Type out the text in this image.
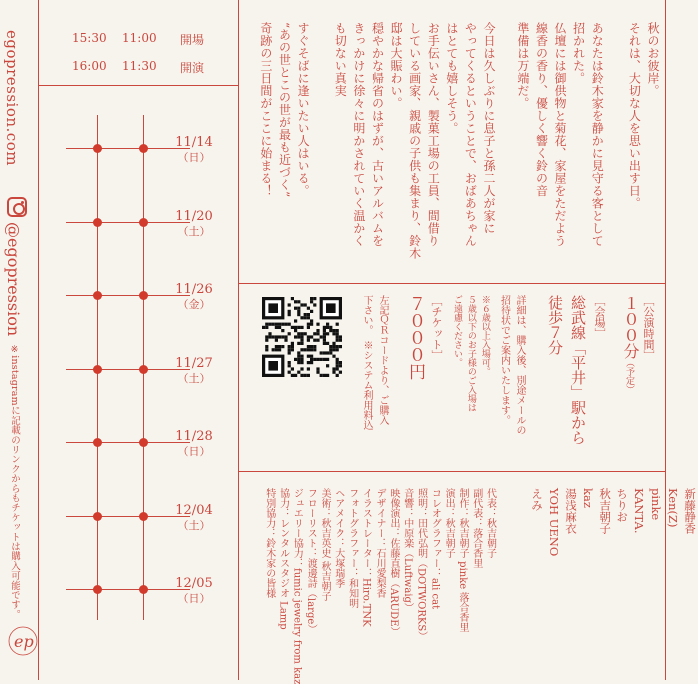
egopression.com
@egopression
※instagramに記載のリンクからもチケットは購入可能です。
ep
15:30 11:00 開場
16:00 11:30 開演
11/14
（日）
11/20
（土）
11/26
（金）
11/27
（土）
11/28
（日）
12/04
（土）
12/05
（日）
秋のお彼岸。
それは、大切な人を思い出す日。

あなたは鈴木家を静かに見守る客として
招かれた。
仏壇には御供物と菊花、家屋をただよう
線香の香り、優しく響く鈴の音
準備は万端だ。
今日は久しぶりに息子と孫二人が家に
やってくるということで、おばあちゃん
はとても嬉しそう。
お手伝いさん、製菓工場の工員、間借り
している画家、親戚の子供も集まり、鈴木
邸は大賑わい。
穏やかな帰省のはずが、古いアルバムを
きっかけに徐々に明かされていく温かく
も切ない真実

すぐそばに逢いたい人はいる。
“あの世とこの世が最も近づく”
奇跡の三日間がここに始まる！
［公演時間］
１００分
（予定）
［会場］
総武線「平井」駅から
徒歩７分
詳細は、購入後、別途メールの
招待状でご案内いたします。
※６歳以上入場可。
５歳以下のお子様のご入場は
ご遠慮ください。
［チケット］
７０００円
左記ＱＲコードより、ご購入
下さい。　※システム利用料込
新藤静香
Ken(Z)
pinke
KANTA.
ちりお
秋吉朝子
kaz
湯浅麻衣
YOH UENO
えみ
代表：秋吉朝子
副代表：落合香里
制作：秋吉朝子 pinke 落合香里
演出：秋吉朝子
コレオグラファー：ali cat
照明：田代弘明（DOTWORKS）
音響：中原楽（Luftwaig）
映像演出：佐藤直樹（ARUDE）
デザイナー：石川愛梨香
イラストレーター：Hiro.TNK
フォトグラファー：和知明
ヘアメイク：大塚瑞季
美術：秋吉英史 秋吉朝子
フローリスト：渡邊詩（large）
ジュエリー協力：fumic jewelry from kaz
協力：レンタルスタジオ Lamp
特別協力：鈴木家の皆様
